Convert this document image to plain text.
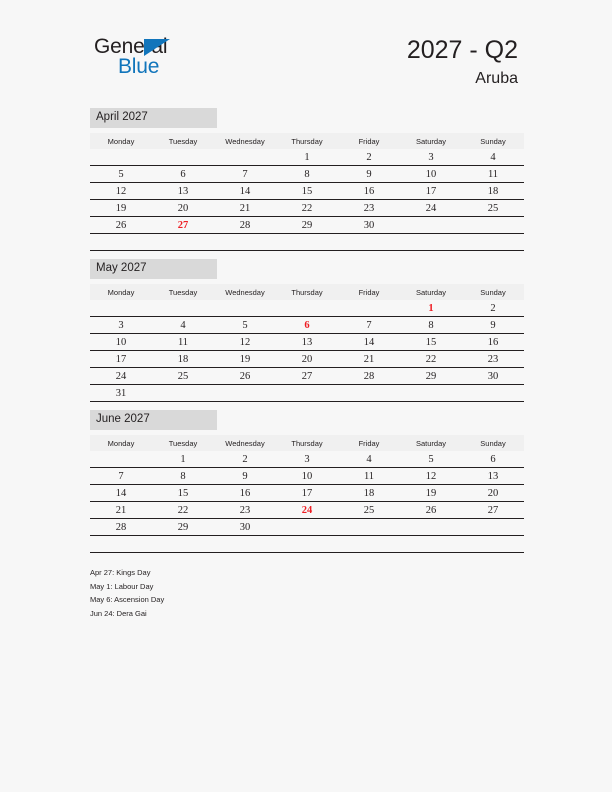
General
Blue
2027 - Q2
Aruba
April 2027
Monday	Tuesday	Wednesday	Thursday	Friday	Saturday	Sunday
			1	2	3	4
5	6	7	8	9	10	11
12	13	14	15	16	17	18
19	20	21	22	23	24	25
26	27	28	29	30		

May 2027
Monday	Tuesday	Wednesday	Thursday	Friday	Saturday	Sunday
					1	2
3	4	5	6	7	8	9
10	11	12	13	14	15	16
17	18	19	20	21	22	23
24	25	26	27	28	29	30
31						
June 2027
Monday	Tuesday	Wednesday	Thursday	Friday	Saturday	Sunday
	1	2	3	4	5	6
7	8	9	10	11	12	13
14	15	16	17	18	19	20
21	22	23	24	25	26	27
28	29	30				

Apr 27: Kings Day
May 1: Labour Day
May 6: Ascension Day
Jun 24: Dera Gai
